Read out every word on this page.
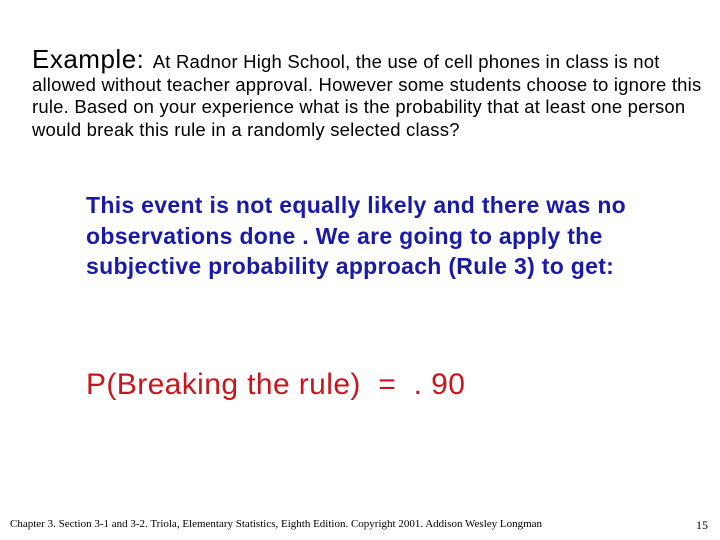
Example: At Radnor High School, the use of cell phones in class is not allowed without teacher approval. However some students choose to ignore this rule. Based on your experience what is the probability that at least one person would break this rule in a randomly selected class?
This event is not equally likely and there was no observations done . We are going to apply the subjective probability approach (Rule 3) to get:
P(Breaking the rule)  =  . 90
Chapter 3. Section 3-1 and 3-2. Triola, Elementary Statistics, Eighth Edition. Copyright 2001. Addison Wesley Longman	15
